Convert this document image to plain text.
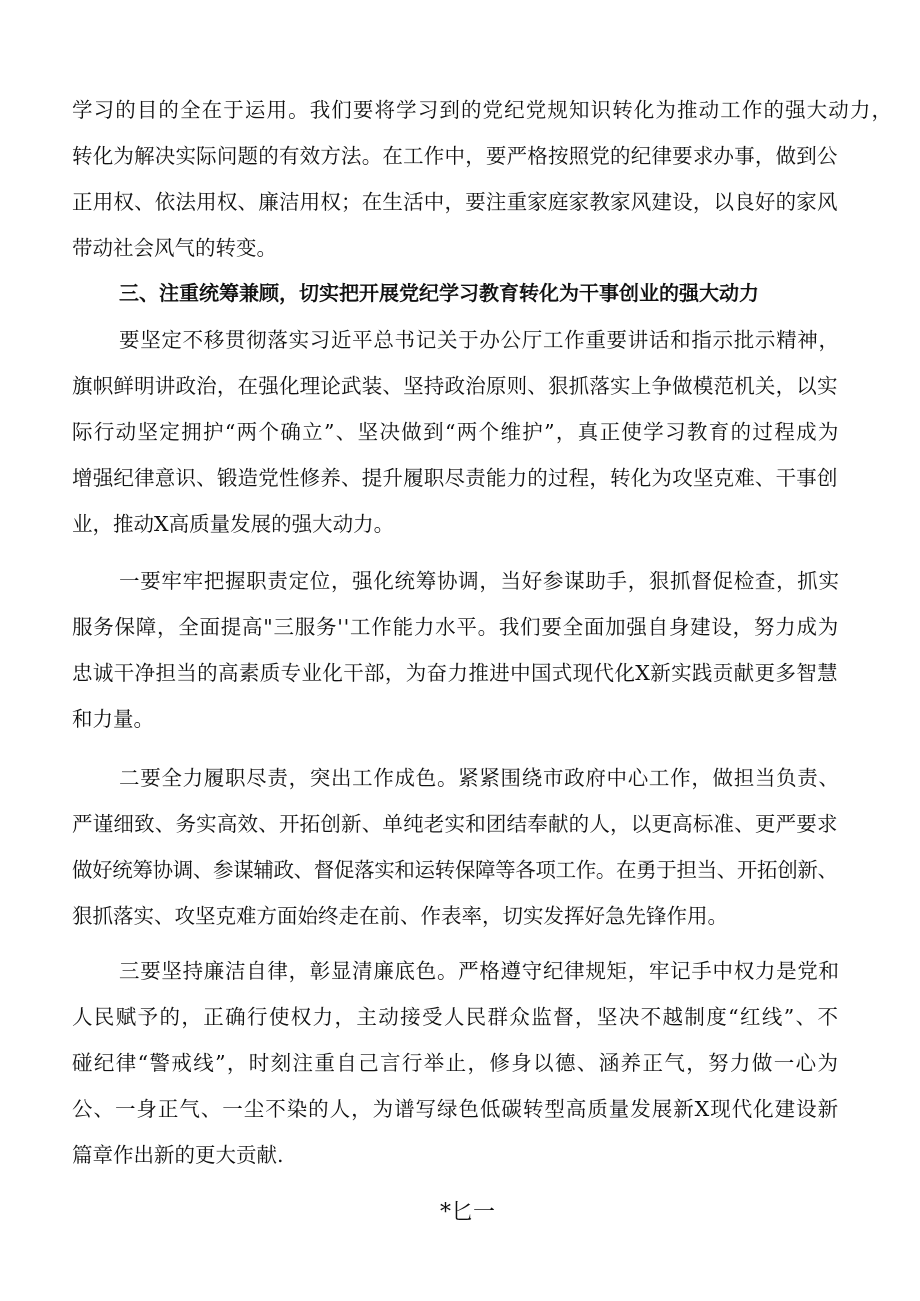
学习的目的全在于运用。我们要将学习到的党纪党规知识转化为推动工作的强大动力，
转化为解决实际问题的有效方法。在工作中，要严格按照党的纪律要求办事，做到公
正用权、依法用权、廉洁用权；在生活中，要注重家庭家教家风建设，以良好的家风
带动社会风气的转变。
三、注重统筹兼顾，切实把开展党纪学习教育转化为干事创业的强大动力
要坚定不移贯彻落实习近平总书记关于办公厅工作重要讲话和指示批示精神，
旗帜鲜明讲政治，在强化理论武装、坚持政治原则、狠抓落实上争做模范机关，以实
际行动坚定拥护“两个确立”、坚决做到“两个维护”，真正使学习教育的过程成为
增强纪律意识、锻造党性修养、提升履职尽责能力的过程，转化为攻坚克难、干事创
业，推动X高质量发展的强大动力。
一要牢牢把握职责定位，强化统筹协调，当好参谋助手，狠抓督促检查，抓实
服务保障，全面提高"三服务''工作能力水平。我们要全面加强自身建设，努力成为
忠诚干净担当的高素质专业化干部，为奋力推进中国式现代化X新实践贡献更多智慧
和力量。
二要全力履职尽责，突出工作成色。紧紧围绕市政府中心工作，做担当负责、
严谨细致、务实高效、开拓创新、单纯老实和团结奉献的人，以更高标准、更严要求
做好统筹协调、参谋辅政、督促落实和运转保障等各项工作。在勇于担当、开拓创新、
狠抓落实、攻坚克难方面始终走在前、作表率，切实发挥好急先锋作用。
三要坚持廉洁自律，彰显清廉底色。严格遵守纪律规矩，牢记手中权力是党和
人民赋予的，正确行使权力，主动接受人民群众监督，坚决不越制度“红线”、不
碰纪律“警戒线”，时刻注重自己言行举止，修身以德、涵养正气，努力做一心为
公、一身正气、一尘不染的人，为谱写绿色低碳转型高质量发展新X现代化建设新
篇章作出新的更大贡献.
*匕一
